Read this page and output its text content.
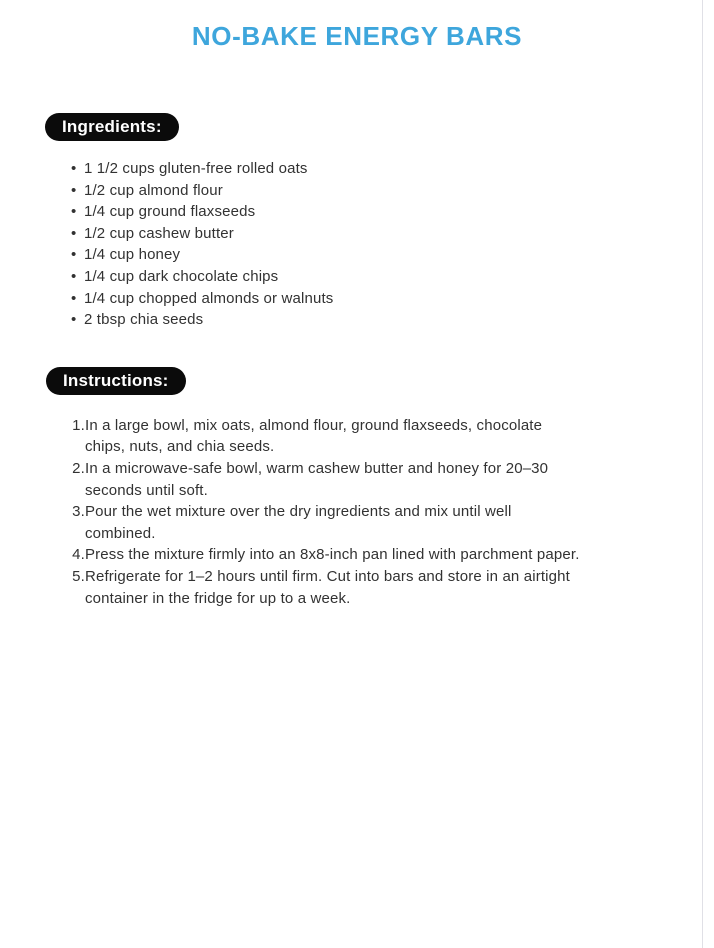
NO-BAKE ENERGY BARS
Ingredients:
• 1 1/2 cups gluten-free rolled oats
• 1/2 cup almond flour
• 1/4 cup ground flaxseeds
• 1/2 cup cashew butter
• 1/4 cup honey
• 1/4 cup dark chocolate chips
• 1/4 cup chopped almonds or walnuts
• 2 tbsp chia seeds
Instructions:
In a large bowl, mix oats, almond flour, ground flaxseeds, chocolate chips, nuts, and chia seeds.
In a microwave-safe bowl, warm cashew butter and honey for 20–30 seconds until soft.
Pour the wet mixture over the dry ingredients and mix until well combined.
Press the mixture firmly into an 8x8-inch pan lined with parchment paper.
Refrigerate for 1–2 hours until firm. Cut into bars and store in an airtight container in the fridge for up to a week.
